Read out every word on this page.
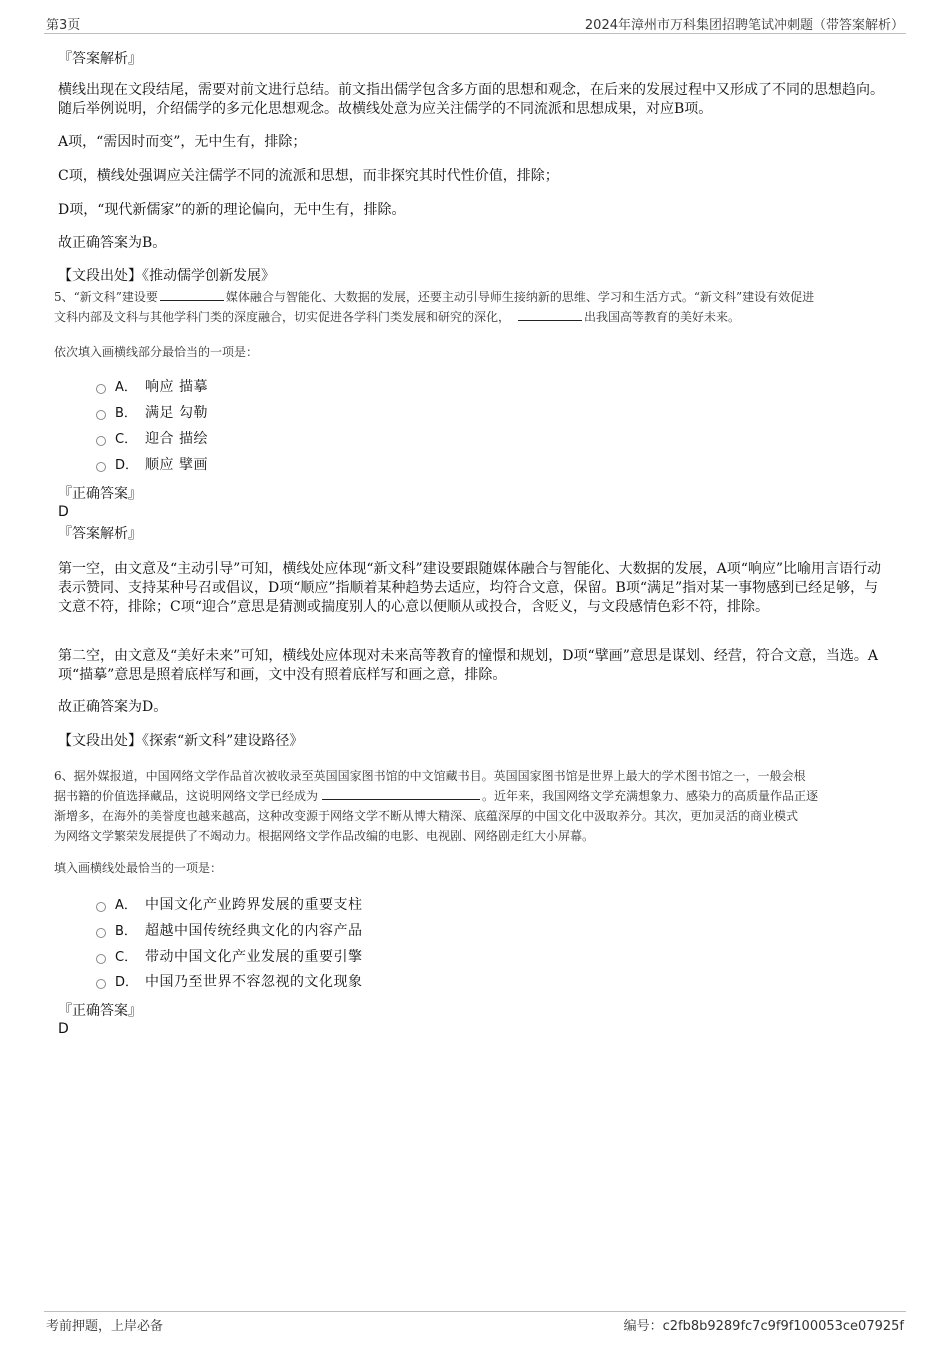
第3页	2024年漳州市万科集团招聘笔试冲刺题（带答案解析）
『答案解析』
横线出现在文段结尾，需要对前文进行总结。前文指出儒学包含多方面的思想和观念，在后来的发展过程中又形成了不同的思想趋向。随后举例说明，介绍儒学的多元化思想观念。故横线处意为应关注儒学的不同流派和思想成果，对应B项。
A项，“需因时而变”，无中生有，排除；
C项，横线处强调应关注儒学不同的流派和思想，而非探究其时代性价值，排除；
D项，“现代新儒家”的新的理论偏向，无中生有，排除。
故正确答案为B。
【文段出处】《推动儒学创新发展》
5、“新文科”建设要	媒体融合与智能化、大数据的发展，还要主动引导师生接纳新的思维、学习和生活方式。“新文科”建设有效促进
文科内部及文科与其他学科门类的深度融合，切实促进各学科门类发展和研究的深化，	出我国高等教育的美好未来。
依次填入画横线部分最恰当的一项是：
A． 响应 描摹
B． 满足 勾勒
C． 迎合 描绘
D． 顺应 擘画
『正确答案』
D
『答案解析』
第一空，由文意及“主动引导”可知，横线处应体现“新文科”建设要跟随媒体融合与智能化、大数据的发展，A项“响应”比喻用言语行动表示赞同、支持某种号召或倡议，D项“顺应”指顺着某种趋势去适应，均符合文意，保留。B项“满足”指对某一事物感到已经足够，与文意不符，排除；C项“迎合”意思是猜测或揣度别人的心意以便顺从或投合，含贬义，与文段感情色彩不符，排除。
第二空，由文意及“美好未来”可知，横线处应体现对未来高等教育的憧憬和规划，D项“擘画”意思是谋划、经营，符合文意，当选。A项“描摹”意思是照着底样写和画，文中没有照着底样写和画之意，排除。
故正确答案为D。
【文段出处】《探索“新文科”建设路径》
6、据外媒报道，中国网络文学作品首次被收录至英国国家图书馆的中文馆藏书目。英国国家图书馆是世界上最大的学术图书馆之一，一般会根
据书籍的价值选择藏品，这说明网络文学已经成为	。近年来，我国网络文学充满想象力、感染力的高质量作品正逐
渐增多，在海外的美誉度也越来越高，这种改变源于网络文学不断从博大精深、底蕴深厚的中国文化中汲取养分。其次，更加灵活的商业模式
为网络文学繁荣发展提供了不竭动力。根据网络文学作品改编的电影、电视剧、网络剧走红大小屏幕。
填入画横线处最恰当的一项是：
A． 中国文化产业跨界发展的重要支柱
B． 超越中国传统经典文化的内容产品
C． 带动中国文化产业发展的重要引擎
D． 中国乃至世界不容忽视的文化现象
『正确答案』
D
考前押题，上岸必备	编号：c2fb8b9289fc7c9f9f100053ce07925f
